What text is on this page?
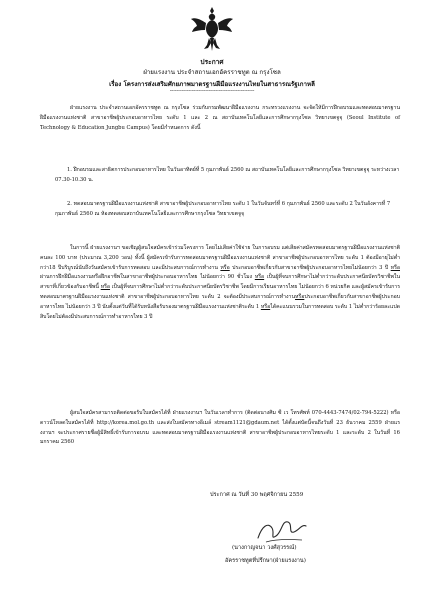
ประกาศ
ฝ่ายแรงงาน ประจำสถานเอกอัครราชทูต ณ กรุงโซล
เรื่อง โครงการส่งเสริมศักยภาพมาตรฐานฝีมือแรงงานไทยในสาธารณรัฐเกาหลี
--------------------------------------------------
ฝ่ายแรงงาน ประจำสถานเอกอัครราชทูต ณ กรุงโซล ร่วมกับกรมพัฒนาฝีมือแรงงาน กระทรวงแรงงาน จะจัดให้มีการฝึกอบรมและทดสอบมาตรฐานฝีมือแรงงานแห่งชาติ สาขาอาชีพผู้ประกอบอาหารไทย ระดับ 1 และ 2 ณ สถาบันเทคโนโลยีและการศึกษากรุงโซล วิทยาเขตจูจุ (Seoul Institute of Technology & Education Jungbu Campus) โดยมีกำหนดการ ดังนี้
1. ฝึกอบรมและสาธิตการประกอบอาหารไทย ในวันอาทิตย์ที่ 5 กุมภาพันธ์ 2560 ณ สถาบันเทคโนโลยีและการศึกษากรุงโซล วิทยาเขตจูจุ ระหว่างเวลา 07.30-10.30 น.
2. ทดสอบมาตรฐานฝีมือแรงงานแห่งชาติ สาขาอาชีพผู้ประกอบอาหารไทย ระดับ 1 ในวันจันทร์ที่ 6 กุมภาพันธ์ 2560 และระดับ 2 ในวันอังคารที่ 7 กุมภาพันธ์ 2560 ณ ห้องทดสอบสถาบันเทคโนโลยีและการศึกษากรุงโซล วิทยาเขตจูจุ
ในการนี้ ฝ่ายแรงงานฯ ขอเชิญผู้สนใจสมัครเข้าร่วมโครงการ โดยไม่เสียค่าใช้จ่าย ในการอบรม แต่เสียค่าสมัครทดสอบมาตรฐานฝีมือแรงงานแห่งชาติ คนละ 100 บาท (ประมาณ 3,200 วอน) ทั้งนี้ ผู้สมัครเข้ารับการทดสอบมาตรฐานฝีมือแรงงานแห่งชาติ สาขาอาชีพผู้ประกอบอาหารไทย ระดับ 1 ต้องมีอายุไม่ต่ำกว่า18 ปีบริบูรณ์นับถึงวันสมัครเข้ารับการทดสอบ และมีประสบการณ์การทำงาน หรือ ประกอบอาชีพเกี่ยวกับสาขาอาชีพผู้ประกอบอาหารไทยไม่น้อยกว่า 3 ปี หรือ ผ่านการฝึกฝีมือแรงงานหรือฝึกอาชีพในสาขาอาชีพผู้ประกอบอาหารไทย ไม่น้อยกว่า 90 ชั่วโมง หรือ เป็นผู้ที่จบการศึกษาไม่ต่ำกว่าระดับประกาศนียบัตรวิชาชีพในสาขาที่เกี่ยวข้องกับอาชีพนี้ หรือ เป็นผู้ที่จบการศึกษาไม่ต่ำกว่าระดับประกาศนียบัตรวิชาชีพ โดยมีการเรียนอาหารไทย ไม่น้อยกว่า 6 หน่วยกิต และผู้สมัครเข้ารับการทดสอบมาตรฐานฝีมือแรงงานแห่งชาติ สาขาอาชีพผู้ประกอบอาหารไทย ระดับ 2 จะต้องมีประสบการณ์การทำงานหรือประกอบอาชีพเกี่ยวกับสาขาอาชีพผู้ประกอบอาหารไทย ไม่น้อยกว่า 3 ปี นับตั้งแต่วันที่ได้รับหนังสือรับรองมาตรฐานฝีมือแรงงานแห่งชาติระดับ 1 หรือได้คะแนนรวมในการทดสอบ ระดับ 1 ไม่ต่ำกว่าร้อยละแปดสิบโดยไม่ต้องมีประสบการณ์การทำอาหารไทย 3 ปี
ผู้สนใจสมัครสามารถติดต่อขอรับใบสมัครได้ที่ ฝ่ายแรงงานฯ ในวันเวลาทำการ (ติดต่อนางศิม ซี เว โทรศัพท์ 070-4443-7474/02-794-5222) หรือดาวน์โหลดใบสมัครได้ที่ http://korea.mol.go.th และส่งใบสมัครทางอีเมล์ stream1121@gdaum.net ได้ตั้งแต่บัดนี้จนถึงวันที่ 23 ธันวาคม 2559 ฝ่ายแรงงานฯ จะประกาศรายชื่อผู้มีสิทธิ์เข้ารับการอบรม และทดสอบมาตรฐานฝีมือแรงงานแห่งชาติ สาขาอาชีพผู้ประกอบอาหารไทยระดับ 1 และระดับ 2 ในวันที่ 16 มกราคม 2560
ประกาศ ณ วันที่ 30 พฤศจิกายน 2559
(นางกาญจนา วงศ์สุวรรณ์)
อัครราชทูตที่ปรึกษา(ฝ่ายแรงงาน)
